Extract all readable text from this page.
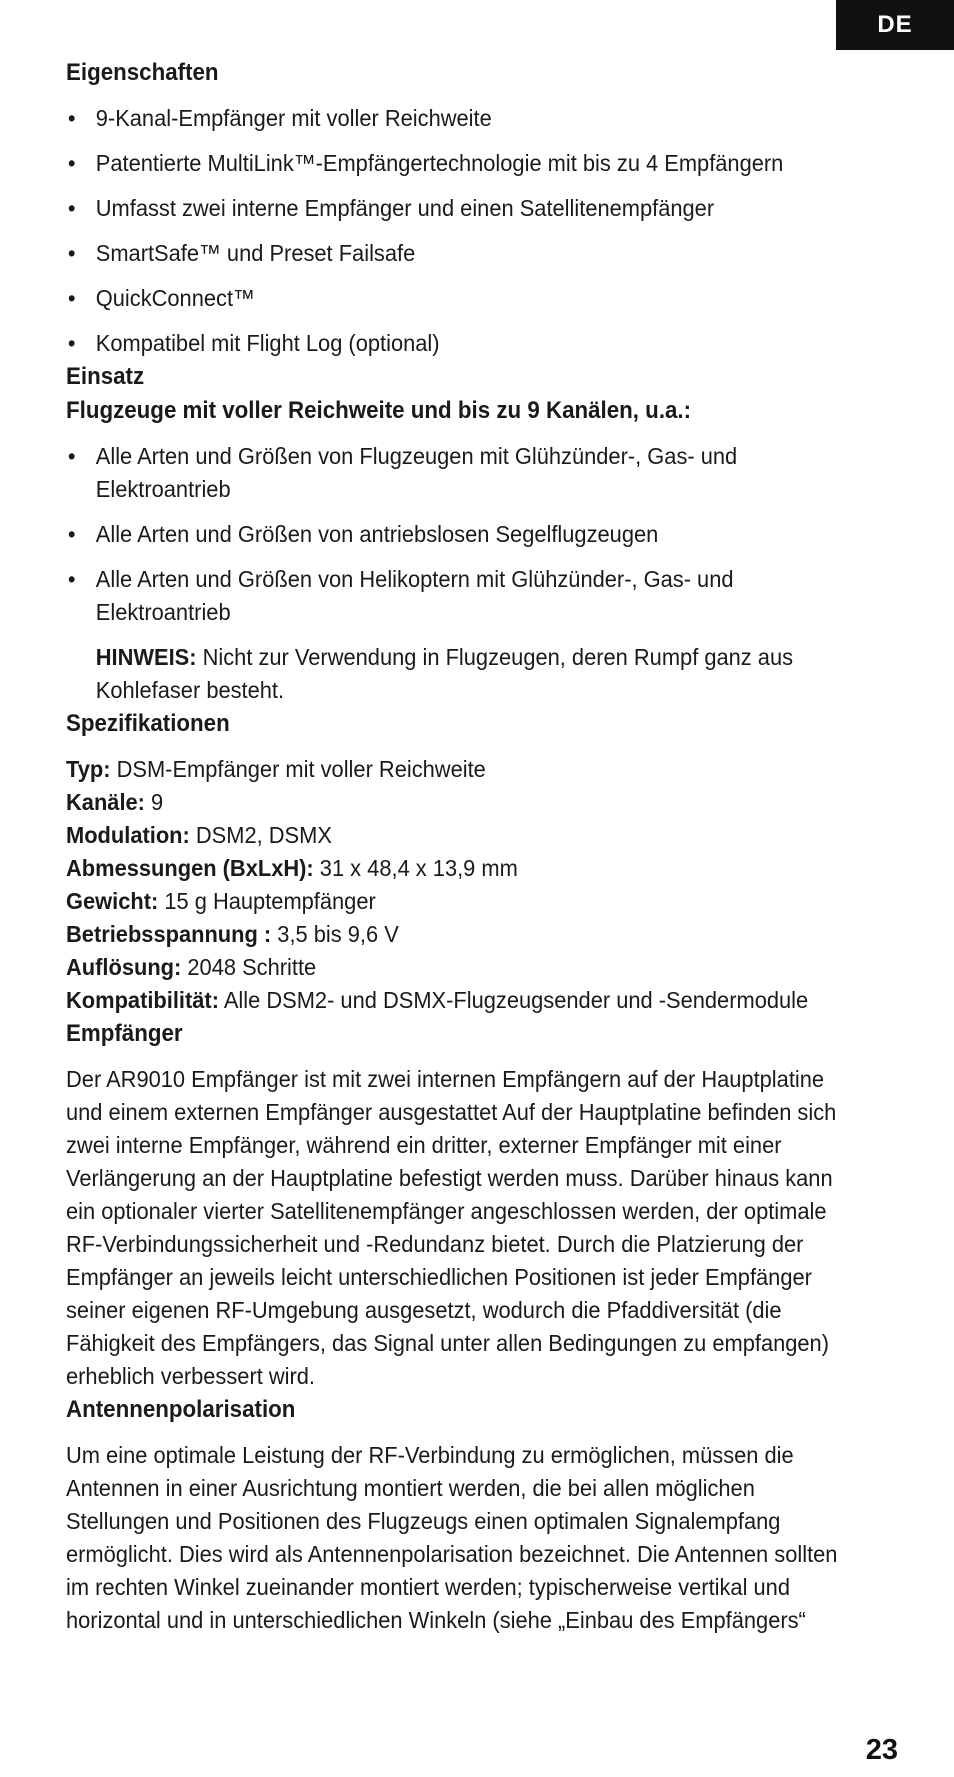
DE
Eigenschaften
• 9-Kanal-Empfänger mit voller Reichweite
• Patentierte MultiLink™-Empfängertechnologie mit bis zu 4 Empfängern
• Umfasst zwei interne Empfänger und einen Satellitenempfänger
• SmartSafe™ und Preset Failsafe
• QuickConnect™
• Kompatibel mit Flight Log (optional)
Einsatz
Flugzeuge mit voller Reichweite und bis zu 9 Kanälen, u.a.:
• Alle Arten und Größen von Flugzeugen mit Glühzünder-, Gas- und Elektroantrieb
• Alle Arten und Größen von antriebslosen Segelflugzeugen
• Alle Arten und Größen von Helikoptern mit Glühzünder-, Gas- und Elektroantrieb
HINWEIS: Nicht zur Verwendung in Flugzeugen, deren Rumpf ganz aus Kohlefaser besteht.
Spezifikationen
Typ: DSM-Empfänger mit voller Reichweite
Kanäle: 9
Modulation: DSM2, DSMX
Abmessungen (BxLxH): 31 x 48,4 x 13,9 mm
Gewicht: 15 g Hauptempfänger
Betriebsspannung : 3,5 bis 9,6 V
Auflösung: 2048 Schritte
Kompatibilität: Alle DSM2- und DSMX-Flugzeugsender und -Sendermodule
Empfänger
Der AR9010 Empfänger ist mit zwei internen Empfängern auf der Hauptplatine und einem externen Empfänger ausgestattet Auf der Hauptplatine befinden sich zwei interne Empfänger, während ein dritter, externer Empfänger mit einer Verlängerung an der Hauptplatine befestigt werden muss. Darüber hinaus kann ein optionaler vierter Satellitenempfänger angeschlossen werden, der optimale RF-Verbindungssicherheit und -Redundanz bietet. Durch die Platzierung der Empfänger an jeweils leicht unterschiedlichen Positionen ist jeder Empfänger seiner eigenen RF-Umgebung ausgesetzt, wodurch die Pfaddiversität (die Fähigkeit des Empfängers, das Signal unter allen Bedingungen zu empfangen) erheblich verbessert wird.
Antennenpolarisation
Um eine optimale Leistung der RF-Verbindung zu ermöglichen, müssen die Antennen in einer Ausrichtung montiert werden, die bei allen möglichen Stellungen und Positionen des Flugzeugs einen optimalen Signalempfang ermöglicht. Dies wird als Antennenpolarisation bezeichnet. Die Antennen sollten im rechten Winkel zueinander montiert werden; typischerweise vertikal und horizontal und in unterschiedlichen Winkeln (siehe „Einbau des Empfängers“
23
